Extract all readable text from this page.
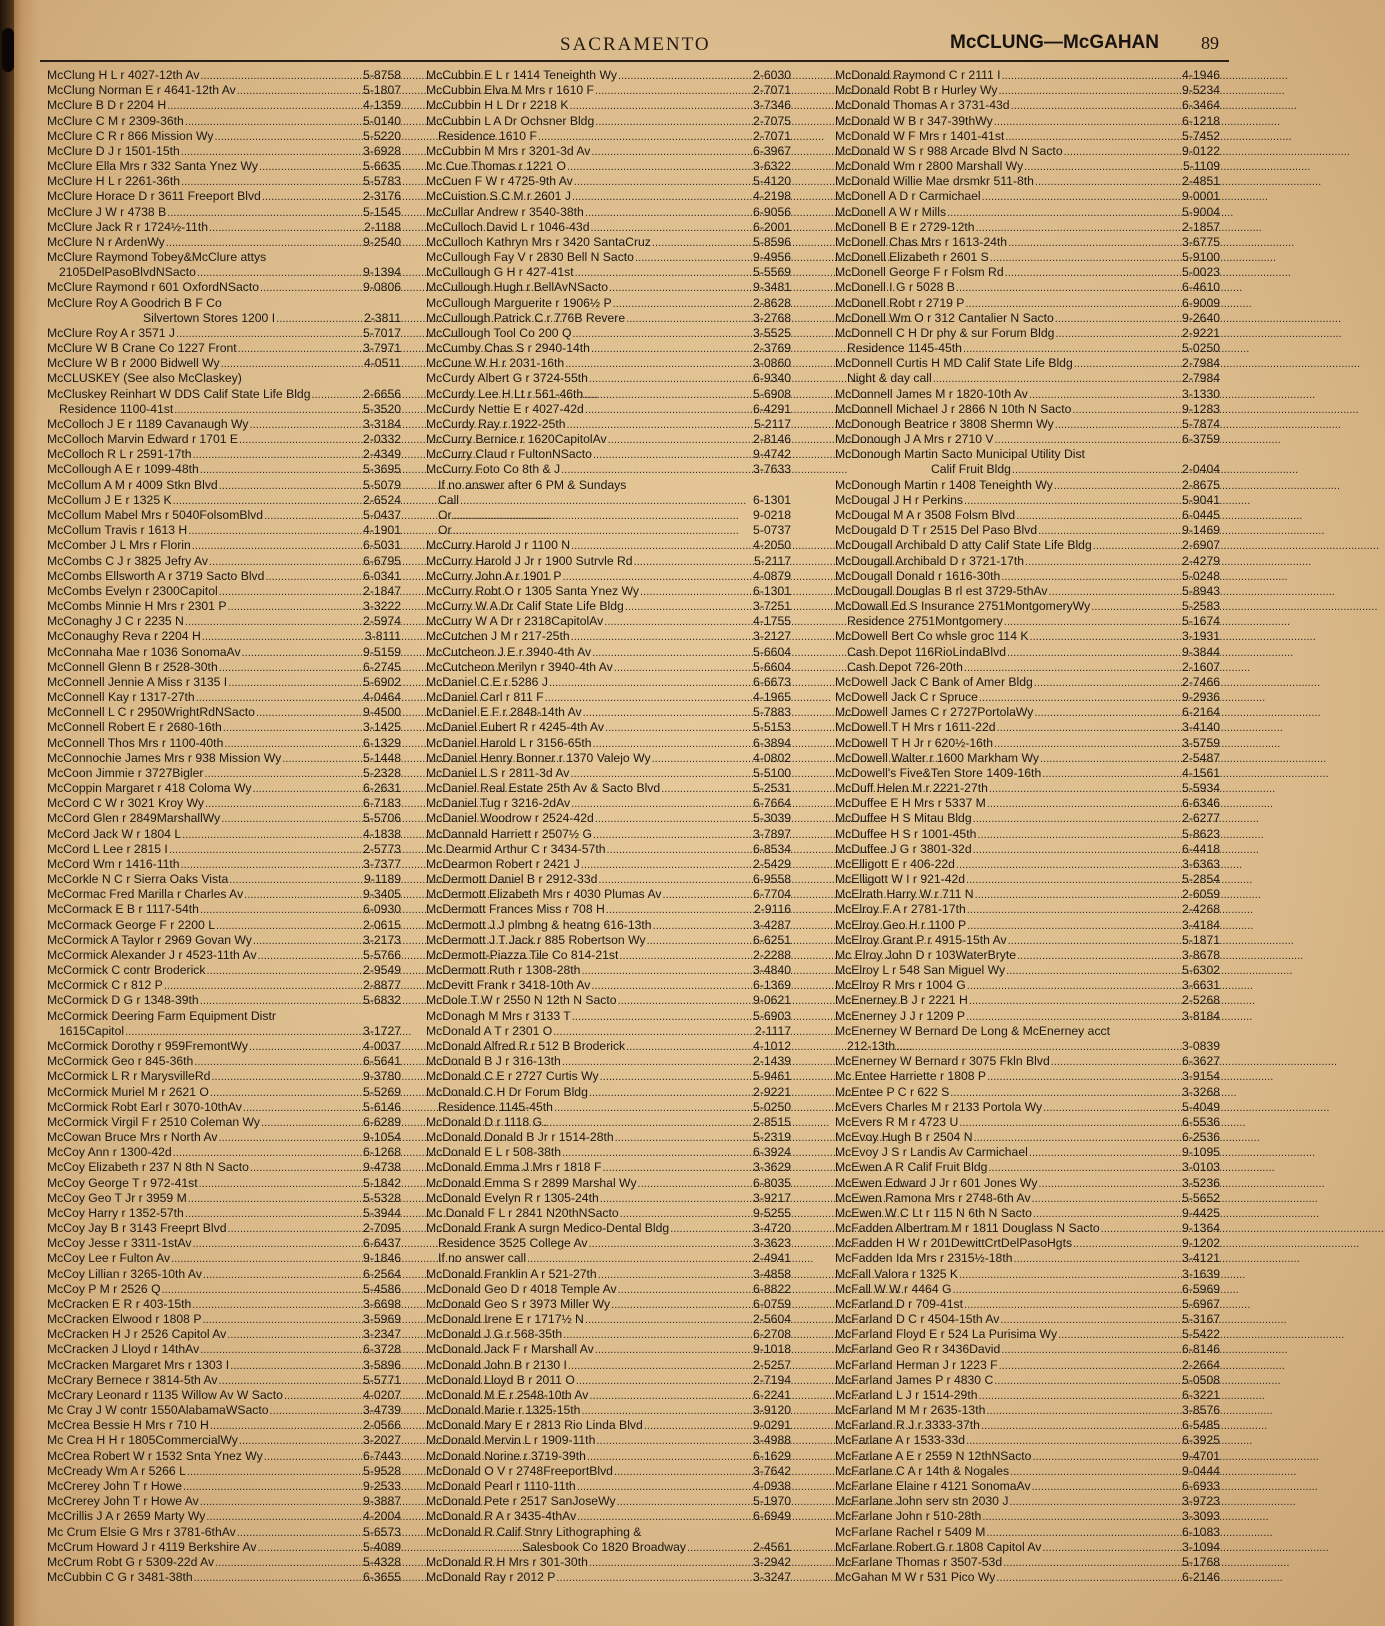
SACRAMENTO	McCLUNG—McGAHAN 89
McClung H L r 4027-12th Av . . .	5-8758
McClung Norman E r 4641-12th Av . . .	5-1807
McClure B D r 2204 H . . .	4-1359
McClure C M r 2309-36th . . .	5-0140
McClure C R r 866 Mission Wy . . .	5-5220
McClure D J r 1501-15th . . .	3-6928
McClure Ella Mrs r 332 Santa Ynez Wy . . .	5-6635
McClure H L r 2261-36th . . .	5-5783
McClure Horace D r 3611 Freeport Blvd . . .	2-3176
McClure J W r 4738 B . . .	5-1545
McClure Jack R r 1724½-11th . . .	2-1188
McClure N r ArdenWy . . .	9-2540
McClure Raymond Tobey&McClure attys
2105DelPasoBlvdNSacto . . .	9-1394
McClure Raymond r 601 OxfordNSacto . . .	9-0806
McClure Roy A Goodrich B F Co
Silvertown Stores 1200 I . . .	2-3811
McClure Roy A r 3571 J . . .	5-7017
McClure W B Crane Co 1227 Front . . .	3-7971
McClure W B r 2000 Bidwell Wy . . .	4-0511
McCLUSKEY (See also McClaskey)
McCluskey Reinhart W DDS Calif State Life Bldg . . .	2-6656
Residence 1100-41st . . .	5-3520
McColloch J E r 1189 Cavanaugh Wy . . .	3-3184
McColloch Marvin Edward r 1701 E . . .	2-0332
McColloch R L r 2591-17th . . .	2-4349
McCollough A E r 1099-48th . . .	5-3695
McCollum A M r 4009 Stkn Blvd . . .	5-5079
McCollum J E r 1325 K . . .	2-6524
McCollum Mabel Mrs r 5040FolsomBlvd . . .	5-0437
McCollum Travis r 1613 H . . .	4-1901
McComber J L Mrs r Florin . . .	6-5031
McCombs C J r 3825 Jefry Av . . .	6-6795
McCombs Ellsworth A r 3719 Sacto Blvd . . .	6-0341
McCombs Evelyn r 2300Capitol . . .	2-1847
McCombs Minnie H Mrs r 2301 P . . .	3-3222
McConaghy J C r 2235 N . . .	2-5974
McConaughy Reva r 2204 H . . .	3-8111
McConnaha Mae r 1036 SonomaAv . . .	9-5159
McConnell Glenn B r 2528-30th . . .	6-2745
McConnell Jennie A Miss r 3135 I . . .	5-6902
McConnell Kay r 1317-27th . . .	4-0464
McConnell L C r 2950WrightRdNSacto . . .	9-4500
McConnell Robert E r 2680-16th . . .	3-1425
McConnell Thos Mrs r 1100-40th . . .	6-1329
McConnochie James Mrs r 938 Mission Wy . . .	5-1448
McCoon Jimmie r 3727Bigler . . .	5-2328
McCoppin Margaret r 418 Coloma Wy . . .	6-2631
McCord C W r 3021 Kroy Wy . . .	6-7183
McCord Glen r 2849MarshallWy . . .	5-5706
McCord Jack W r 1804 L . . .	4-1838
McCord L Lee r 2815 I . . .	2-5773
McCord Wm r 1416-11th . . .	3-7377
McCorkle N C r Sierra Oaks Vista . . .	9-1189
McCormac Fred Marilla r Charles Av . . .	9-3405
McCormack E B r 1117-54th . . .	6-0930
McCormack George F r 2200 L . . .	2-0615
McCormick A Taylor r 2969 Govan Wy . . .	3-2173
McCormick Alexander J r 4523-11th Av . . .	5-5766
McCormick C contr Broderick . . .	2-9549
McCormick C r 812 P . . .	2-8877
McCormick D G r 1348-39th . . .	5-6832
McCormick Deering Farm Equipment Distr
1615Capitol . . .	3-1727
McCormick Dorothy r 959FremontWy . . .	4-0037
McCormick Geo r 845-36th . . .	6-5641
McCormick L R r MarysvilleRd . . .	9-3780
McCormick Muriel M r 2621 O . . .	5-5269
McCormick Robt Earl r 3070-10thAv . . .	5-6146
McCormick Virgil F r 2510 Coleman Wy . . .	6-6289
McCowan Bruce Mrs r North Av . . .	9-1054
McCoy Ann r 1300-42d . . .	6-1268
McCoy Elizabeth r 237 N 8th N Sacto . . .	9-4738
McCoy George T r 972-41st . . .	5-1842
McCoy Geo T Jr r 3959 M . . .	5-5328
McCoy Harry r 1352-57th . . .	5-3944
McCoy Jay B r 3143 Freeprt Blvd . . .	2-7095
McCoy Jesse r 3311-1stAv . . .	6-6437
McCoy Lee r Fulton Av . . .	9-1846
McCoy Lillian r 3265-10th Av . . .	6-2564
McCoy P M r 2526 Q . . .	5-4586
McCracken E R r 403-15th . . .	3-6698
McCracken Elwood r 1808 P . . .	3-5969
McCracken H J r 2526 Capitol Av . . .	3-2347
McCracken J Lloyd r 14thAv . . .	6-3728
McCracken Margaret Mrs r 1303 I . . .	3-5896
McCrary Bernece r 3814-5th Av . . .	5-5771
McCrary Leonard r 1135 Willow Av W Sacto . . .	4-0207
Mc Cray J W contr 1550AlabamaWSacto . . .	3-4739
McCrea Bessie H Mrs r 710 H . . .	2-0566
Mc Crea H H r 1805CommercialWy . . .	3-2027
McCrea Robert W r 1532 Snta Ynez Wy . . .	6-7443
McCready Wm A r 5266 L . . .	5-9528
McCrerey John T r Howe . . .	9-2533
McCrerey John T r Howe Av . . .	9-3887
McCrillis J A r 2659 Marty Wy . . .	4-2004
Mc Crum Elsie G Mrs r 3781-6thAv . . .	5-6573
McCrum Howard J r 4119 Berkshire Av . . .	5-4089
McCrum Robt G r 5309-22d Av . . .	5-4328
McCubbin C G r 3481-38th . . .	6-3655
McCubbin E L r 1414 Teneighth Wy . . .	2-6030
McCubbin Elva M Mrs r 1610 F . . .	2-7071
McCubbin H L Dr r 2218 K . . .	3-7346
McCubbin L A Dr Ochsner Bldg . . .	2-7075
Residence 1610 F . . .	2-7071
McCubbin M Mrs r 3201-3d Av . . .	6-3967
Mc Cue Thomas r 1221 O . . .	3-6322
McCuen F W r 4725-9th Av . . .	5-4120
McCuistion S C M r 2601 J . . .	4-2198
McCullar Andrew r 3540-38th . . .	6-9056
McCulloch David L r 1046-43d . . .	6-2001
McCulloch Kathryn Mrs r 3420 SantaCruz . . .	5-8596
McCullough Fay V r 2830 Bell N Sacto . . .	9-4956
McCullough G H r 427-41st . . .	5-5569
McCullough Hugh r BellAvNSacto . . .	9-3481
McCullough Marguerite r 1906½ P . . .	2-8628
McCullough Patrick C r 776B Revere . . .	3-2768
McCullough Tool Co 200 Q . . .	3-5525
McCumby Chas S r 2940-14th . . .	2-3769
McCune W H r 2031-16th . . .	3-0860
McCurdy Albert G r 3724-55th . . .	6-9340
McCurdy Lee H Lt r 561-46th . . .	5-6908
McCurdy Nettie E r 4027-42d . . .	6-4291
McCurdy Ray r 1922-25th . . .	5-2117
McCurry Bernice r 1620CapitolAv . . .	2-8146
McCurry Claud r FultonNSacto . . .	9-4742
McCurry Foto Co 8th & J . . .	3-7633
If no answer after 6 PM & Sundays
Call . . .	6-1301
Or . . .	9-0218
Or . . .	5-0737
McCurry Harold J r 1100 N . . .	4-2050
McCurry Harold J Jr r 1900 Sutrvle Rd . . .	5-2117
McCurry John A r 1901 P . . .	4-0879
McCurry Robt O r 1305 Santa Ynez Wy . . .	6-1301
McCurry W A Dr Calif State Life Bldg . . .	3-7251
McCurry W A Dr r 2318CapitolAv . . .	4-1755
McCutchen J M r 217-25th . . .	3-2127
McCutcheon J E r 3940-4th Av . . .	5-6604
McCutcheon Merilyn r 3940-4th Av . . .	5-6604
McDaniel C E r 5286 J . . .	6-6673
McDaniel Carl r 811 F . . .	4-1965
McDaniel E F r 2848-14th Av . . .	5-7883
McDaniel Eubert R r 4245-4th Av . . .	5-5153
McDaniel Harold L r 3156-65th . . .	6-3894
McDaniel Henry Bonner r 1370 Valejo Wy . . .	4-0802
McDaniel L S r 2811-3d Av . . .	5-5100
McDaniel Real Estate 25th Av & Sacto Blvd . . .	5-2531
McDaniel Tug r 3216-2dAv . . .	6-7664
McDaniel Woodrow r 2524-42d . . .	5-3039
McDannald Harriett r 2507½ G . . .	3-7897
Mc Dearmid Arthur C r 3434-57th . . .	6-8534
McDearmon Robert r 2421 J . . .	2-5429
McDermott Daniel B r 2912-33d . . .	6-9558
McDermott Elizabeth Mrs r 4030 Plumas Av . . .	6-7704
McDermott Frances Miss r 708 H . . .	2-9116
McDermott J J plmbng & heatng 616-13th . . .	3-4287
McDermott J T Jack r 885 Robertson Wy . . .	6-6251
McDermott-Piazza Tile Co 814-21st . . .	2-2288
McDermott Ruth r 1308-28th . . .	3-4840
McDevitt Frank r 3418-10th Av . . .	6-1369
McDole T W r 2550 N 12th N Sacto . . .	9-0621
McDonagh M Mrs r 3133 T . . .	5-6903
McDonald A T r 2301 O . . .	2-1117
McDonald Alfred R r 512 B Broderick . . .	4-1012
McDonald B J r 316-13th . . .	2-1439
McDonald C E r 2727 Curtis Wy . . .	5-9461
McDonald C H Dr Forum Bldg . . .	2-9221
Residence 1145-45th . . .	5-0250
McDonald D r 1118 G . . .	2-8515
McDonald Donald B Jr r 1514-28th . . .	5-2319
McDonald E L r 508-38th . . .	6-3924
McDonald Emma J Mrs r 1818 F . . .	3-3629
McDonald Emma S r 2899 Marshal Wy . . .	6-8035
McDonald Evelyn R r 1305-24th . . .	3-9217
Mc Donald F L r 2841 N20thNSacto . . .	9-5255
McDonald Frank A surgn Medico-Dental Bldg . . .	3-4720
Residence 3525 College Av . . .	3-3623
If no answer call . . .	2-4941
McDonald Franklin A r 521-27th . . .	3-4858
McDonald Geo D r 4018 Temple Av . . .	6-8822
McDonald Geo S r 3973 Miller Wy . . .	6-0759
McDonald Irene E r 1717½ N . . .	2-5604
McDonald J G r 568-35th . . .	6-2708
McDonald Jack F r Marshall Av . . .	9-1018
McDonald John B r 2130 I . . .	2-5257
McDonald Lloyd B r 2011 O . . .	2-7194
McDonald M E r 2548-10th Av . . .	6-2241
McDonald Marie r 1325-15th . . .	3-9120
McDonald Mary E r 2813 Rio Linda Blvd . . .	9-0291
McDonald Mervin L r 1909-11th . . .	3-4988
McDonald Norine r 3719-39th . . .	6-1629
McDonald O V r 2748FreeportBlvd . . .	3-7642
McDonald Pearl r 1110-11th . . .	4-0938
McDonald Pete r 2517 SanJoseWy . . .	5-1970
McDonald R A r 3435-4thAv . . .	6-6949
McDonald R Calif Stnry Lithographing &
Salesbook Co 1820 Broadway . . .	2-4561
McDonald R H Mrs r 301-30th . . .	3-2942
McDonald Ray r 2012 P . . .	3-3247
McDonald Raymond C r 2111 I . . .	4-1946
McDonald Robt B r Hurley Wy . . .	9-5234
McDonald Thomas A r 3731-43d . . .	6-3464
McDonald W B r 347-39thWy . . .	6-1218
McDonald W F Mrs r 1401-41st . . .	5-7452
McDonald W S r 988 Arcade Blvd N Sacto . . .	9-0122
McDonald Wm r 2800 Marshall Wy . . .	5-1109
McDonald Willie Mae drsmkr 511-8th . . .	2-4851
McDonell A D r Carmichael . . .	9-0001
McDonell A W r Mills . . .	5-9004
McDonell B E r 2729-12th . . .	2-1857
McDonell Chas Mrs r 1613-24th . . .	3-6775
McDonell Elizabeth r 2601 S . . .	5-9100
McDonell George F r Folsm Rd . . .	5-0023
McDonell I G r 5028 B . . .	6-4610
McDonell Robt r 2719 P . . .	6-9009
McDonell Wm O r 312 Cantalier N Sacto . . .	9-2640
McDonnell C H Dr phy & sur Forum Bldg . . .	2-9221
Residence 1145-45th . . .	5-0250
McDonnell Curtis H MD Calif State Life Bldg . . .	2-7984
Night & day call . . .	2-7984
McDonnell James M r 1820-10th Av . . .	3-1330
McDonnell Michael J r 2866 N 10th N Sacto . . .	9-1283
McDonough Beatrice r 3808 Shermn Wy . . .	5-7874
McDonough J A Mrs r 2710 V . . .	6-3759
McDonough Martin Sacto Municipal Utility Dist
Calif Fruit Bldg . . .	2-0404
McDonough Martin r 1408 Teneighth Wy . . .	2-8675
McDougal J H r Perkins . . .	5-9041
McDougal M A r 3508 Folsm Blvd . . .	6-0445
McDougald D T r 2515 Del Paso Blvd . . .	9-1469
McDougall Archibald D atty Calif State Life Bldg . . .	2-6907
McDougall Archibald D r 3721-17th . . .	2-4279
McDougall Donald r 1616-30th . . .	5-0248
McDougall Douglas B rl est 3729-5thAv . . .	5-8943
McDowall Ed S Insurance 2751MontgomeryWy . . .	5-2583
Residence 2751Montgomery . . .	5-1674
McDowell Bert Co whsle groc 114 K . . .	3-1931
Cash Depot 116RioLindaBlvd . . .	9-3844
Cash Depot 726-20th . . .	2-1607
McDowell Jack C Bank of Amer Bldg . . .	2-7466
McDowell Jack C r Spruce . . .	9-2936
McDowell James C r 2727PortolaWy . . .	6-2164
McDowell T H Mrs r 1611-22d . . .	3-4140
McDowell T H Jr r 620½-16th . . .	3-5759
McDowell Walter r 1600 Markham Wy . . .	2-5487
McDowell's Five&Ten Store 1409-16th . . .	4-1561
McDuff Helen M r 2221-27th . . .	5-5934
McDuffee E H Mrs r 5337 M . . .	6-6346
McDuffee H S Mitau Bldg . . .	2-6277
McDuffee H S r 1001-45th . . .	5-8623
McDuffee J G r 3801-32d . . .	6-4418
McElligott E r 406-22d . . .	3-6363
McElligott W I r 921-42d . . .	5-2854
McElrath Harry W r 711 N . . .	2-6059
McElroy F A r 2781-17th . . .	2-4268
McElroy Geo H r 1100 P . . .	3-4184
McElroy Grant P r 4915-15th Av . . .	5-1871
Mc Elroy John D r 103WaterBryte . . .	3-8678
McElroy L r 548 San Miguel Wy . . .	5-6302
McElroy R Mrs r 1004 G . . .	3-6631
McEnerney B J r 2221 H . . .	2-5268
McEnerney J J r 1209 P . . .	3-8184
McEnerney W Bernard De Long & McEnerney acct
212-13th . . .	3-0839
McEnerney W Bernard r 3075 Fkln Blvd . . .	6-3627
Mc Entee Harriette r 1808 P . . .	3-9154
McEntee P C r 622 S . . .	3-3268
McEvers Charles M r 2133 Portola Wy . . .	5-4049
McEvers R M r 4723 U . . .	6-5536
McEvoy Hugh B r 2504 N . . .	6-2536
McEvoy J S r Landis Av Carmichael . . .	9-1095
McEwen A R Calif Fruit Bldg . . .	3-0103
McEwen Edward J Jr r 601 Jones Wy . . .	3-5236
McEwen Ramona Mrs r 2748-6th Av . . .	5-5652
McEwen W C Lt r 115 N 6th N Sacto . . .	9-4425
McFadden Albertram M r 1811 Douglass N Sacto . . .	9-1364
McFadden H W r 201DewittCrtDelPasoHgts . . .	9-1202
McFadden Ida Mrs r 2315½-18th . . .	3-4121
McFall Valora r 1325 K . . .	3-1639
McFall W W r 4464 G . . .	6-5969
McFarland D r 709-41st . . .	5-6967
McFarland D C r 4504-15th Av . . .	5-3167
McFarland Floyd E r 524 La Purisima Wy . . .	5-5422
McFarland Geo R r 3436David . . .	6-8146
McFarland Herman J r 1223 F . . .	2-2664
McFarland James P r 4830 C . . .	5-0508
McFarland L J r 1514-29th . . .	6-3221
McFarland M M r 2635-13th . . .	3-8576
McFarland R J r 3333-37th . . .	6-5485
McFarlane A r 1533-33d . . .	6-3925
McFarlane A E r 2559 N 12thNSacto . . .	9-4701
McFarlane C A r 14th & Nogales . . .	9-0444
McFarlane Elaine r 4121 SonomaAv . . .	6-6933
McFarlane John serv stn 2030 J . . .	3-9723
McFarlane John r 510-28th . . .	3-3093
McFarlane Rachel r 5409 M . . .	6-1083
McFarlane Robert G r 1808 Capitol Av . . .	3-1094
McFarlane Thomas r 3507-53d . . .	5-1768
McGahan M W r 531 Pico Wy . . .	6-2146
